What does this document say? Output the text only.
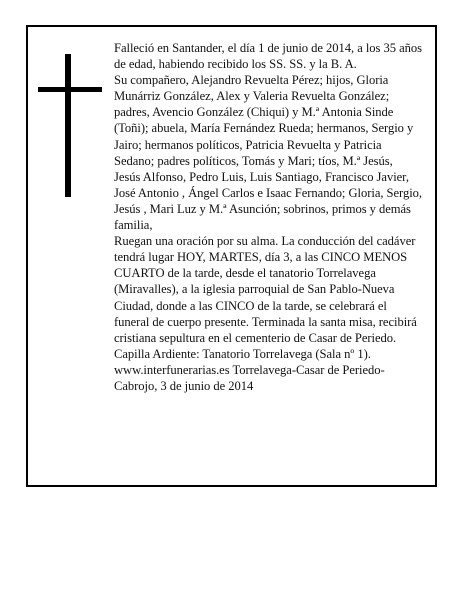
Falleció en Santander, el día 1 de junio de 2014, a los 35 años de edad, habiendo recibido los SS. SS. y la B. A.

Su compañero, Alejandro Revuelta Pérez; hijos, Gloria Munárriz González, Alex y Valeria Revuelta González; padres, Avencio González (Chiqui) y M.ª Antonia Sinde (Toñi); abuela, María Fernández Rueda; hermanos, Sergio y Jairo; hermanos políticos, Patricia Revuelta y Patricia Sedano; padres políticos, Tomás y Mari; tíos, M.ª Jesús, Jesús Alfonso, Pedro Luis, Luis Santiago, Francisco Javier, José Antonio , Ángel Carlos e Isaac Fernando; Gloria, Sergio, Jesús , Mari Luz y M.ª Asunción; sobrinos, primos y demás familia,

Ruegan una oración por su alma. La conducción del cadáver tendrá lugar HOY, MARTES, día 3, a las CINCO MENOS CUARTO de la tarde, desde el tanatorio Torrelavega (Miravalles), a la iglesia parroquial de San Pablo-Nueva Ciudad, donde a las CINCO de la tarde, se celebrará el funeral de cuerpo presente. Terminada la santa misa, recibirá cristiana sepultura en el cementerio de Casar de Periedo. Capilla Ardiente: Tanatorio Torrelavega (Sala nº 1).

www.interfunerarias.es Torrelavega-Casar de Periedo-Cabrojo, 3 de junio de 2014
